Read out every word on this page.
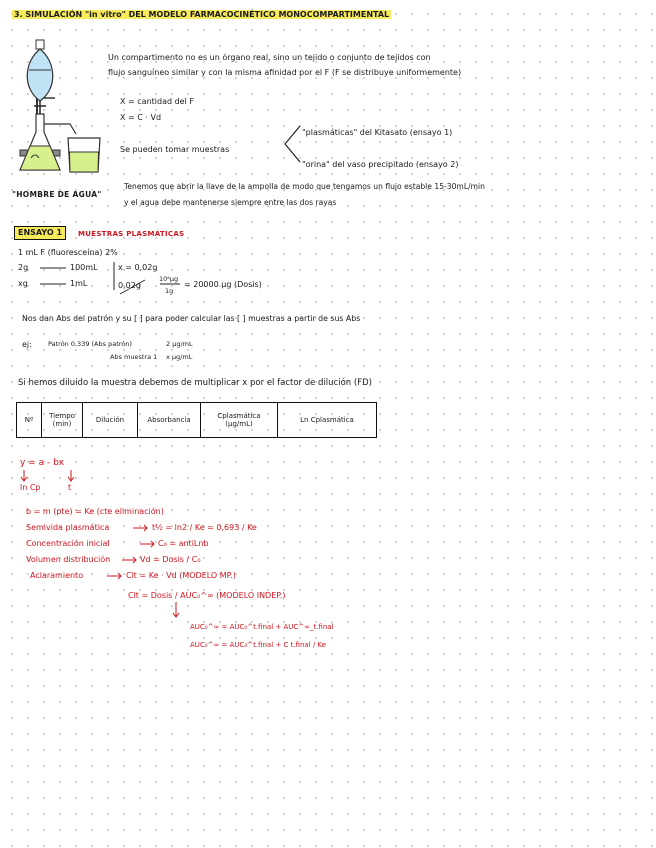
3. SIMULACIÓN "in vitro" DEL MODELO FARMACOCINÉTICO MONOCOMPARTIMENTAL
Un compartimento no es un órgano real, sino un tejido o conjunto de tejidos con
flujo sanguíneo similar y con la misma afinidad por el F (F se distribuye uniformemente)
X = cantidad del F
X = C · Vd
Se pueden tomar muestras
"plasmáticas" del Kitasato (ensayo 1)
"orina" del vaso precipitado (ensayo 2)
"HOMBRE DE AGUA"
Tenemos que abrir la llave de la ampolla de modo que tengamos un flujo estable 15-30mL/min
y el agua debe mantenerse siempre entre las dos rayas
ENSAYO 1	MUESTRAS PLASMÁTICAS
1 mL F (fluoresceína) 2%
2g	100mL
xg	1mL
x = 0,02g
0,02g
10⁶µg
1g
= 20000 µg (Dosis)
Nos dan Abs del patrón y su [ ] para poder calcular las [ ] muestras a partir de sus Abs
ej: Patrón 0,339 (Abs patrón)	2 µg/mL
Abs muestra 1 x µg/mL
Si hemos diluido la muestra debemos de multiplicar x por el factor de dilución (FD)
Nº	Tiempo (min)	Dilución	Absorbancia	Cplasmática (µg/mL)	Ln Cplasmática
y = a - bx
ln Cp	t
b = m (pte) = Ke (cte eliminación)
Semivida plasmática	t½ = ln2 / Ke = 0,693 / Ke
Concentración inicial	C₀ = antiLnb
Volumen distribución	Vd = Dosis / C₀
Aclaramiento	Clt = Ke · Vd (MODELO MP.)
Clt = Dosis / AUC₀^∞ (MODELO INDEP.)
AUC₀^∞ = AUC₀^t.final + AUC^∞_t.final
AUC₀^∞ = AUC₀^t.final + C t.final / Ke
